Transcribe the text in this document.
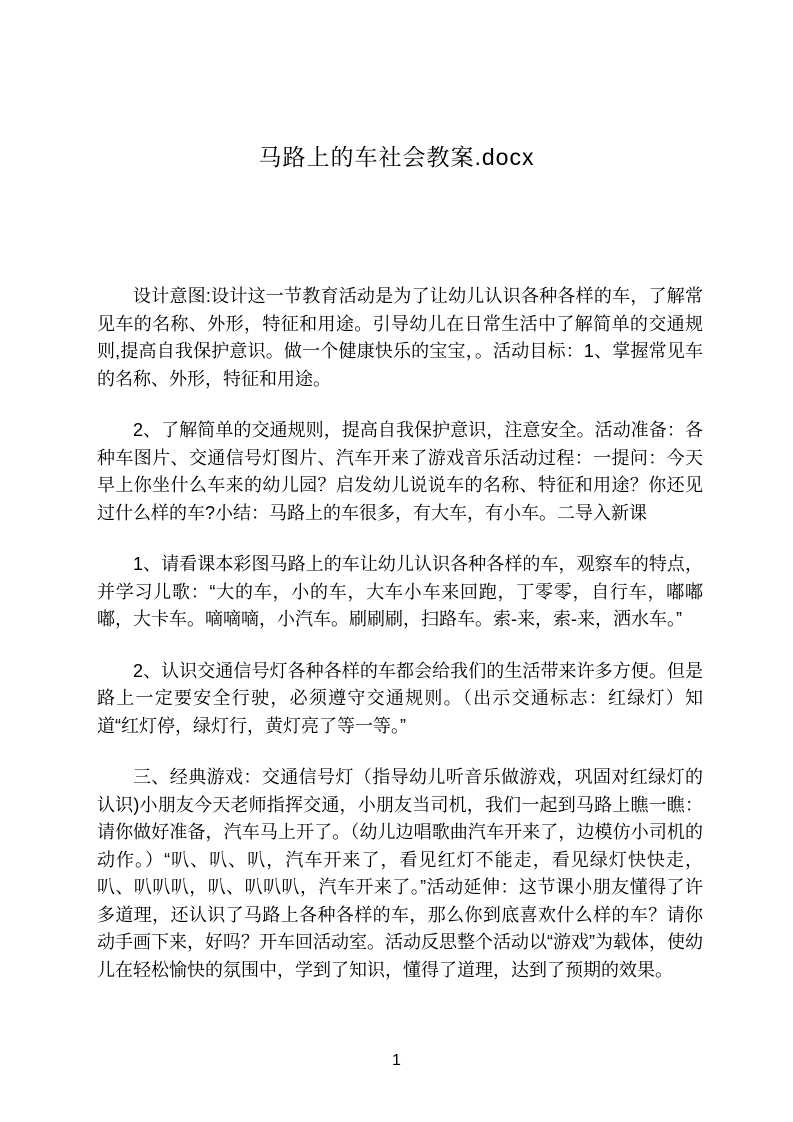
马路上的车社会教案.docx

设计意图:设计这一节教育活动是为了让幼儿认识各种各样的车，了解常见车的名称、外形，特征和用途。引导幼儿在日常生活中了解简单的交通规则,提高自我保护意识。做一个健康快乐的宝宝，。活动目标：1、掌握常见车的名称、外形，特征和用途。

2、了解简单的交通规则，提高自我保护意识，注意安全。活动准备：各种车图片、交通信号灯图片、汽车开来了游戏音乐活动过程：一提问：今天早上你坐什么车来的幼儿园？启发幼儿说说车的名称、特征和用途？你还见过什么样的车?小结：马路上的车很多，有大车，有小车。二导入新课

1、请看课本彩图马路上的车让幼儿认识各种各样的车，观察车的特点，并学习儿歌：“大的车，小的车，大车小车来回跑，丁零零，自行车，嘟嘟嘟，大卡车。嘀嘀嘀，小汽车。刷刷刷，扫路车。索-来，索-来，洒水车。”

2、认识交通信号灯各种各样的车都会给我们的生活带来许多方便。但是路上一定要安全行驶，必须遵守交通规则。（出示交通标志：红绿灯）知道“红灯停，绿灯行，黄灯亮了等一等。”

三、经典游戏：交通信号灯（指导幼儿听音乐做游戏，巩固对红绿灯的认识)小朋友今天老师指挥交通，小朋友当司机，我们一起到马路上瞧一瞧：请你做好准备，汽车马上开了。（幼儿边唱歌曲汽车开来了，边模仿小司机的动作。）“叭、叭、叭，汽车开来了，看见红灯不能走，看见绿灯快快走，叭、叭叭叭，叭、叭叭叭，汽车开来了。”活动延伸：这节课小朋友懂得了许多道理，还认识了马路上各种各样的车，那么你到底喜欢什么样的车？请你动手画下来，好吗？开车回活动室。活动反思整个活动以“游戏”为载体，使幼儿在轻松愉快的氛围中，学到了知识，懂得了道理，达到了预期的效果。

1
